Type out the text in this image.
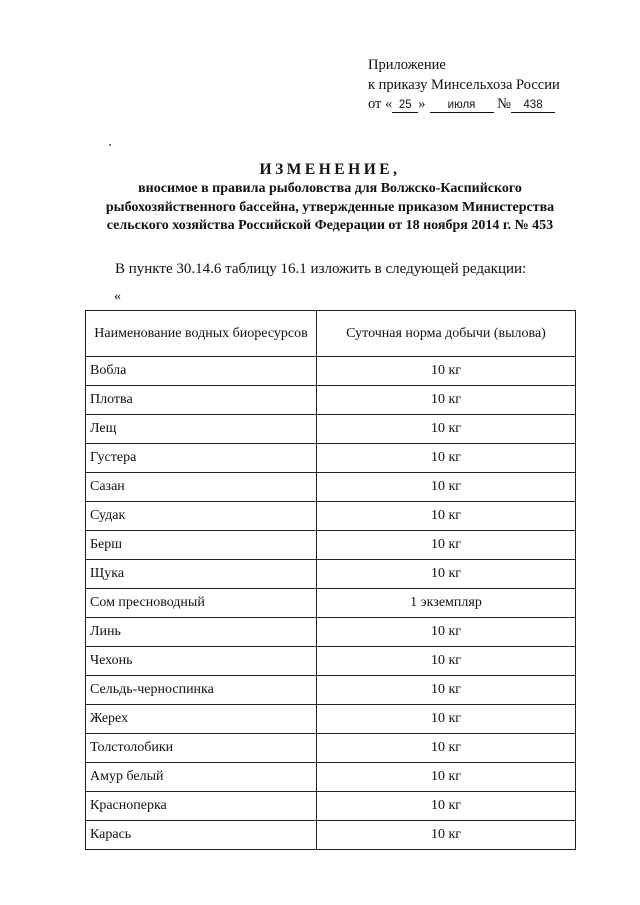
Приложение
к приказу Минсельхоза России
от « 25 » июля № 438
ИЗМЕНЕНИЕ,
вносимое в правила рыболовства для Волжско-Каспийского
рыбохозяйственного бассейна, утвержденные приказом Министерства
сельского хозяйства Российской Федерации от 18 ноября 2014 г. № 453
В пункте 30.14.6 таблицу 16.1 изложить в следующей редакции:
«
Наименование водных биоресурсов	Суточная норма добычи (вылова)
Вобла	10 кг
Плотва	10 кг
Лещ	10 кг
Густера	10 кг
Сазан	10 кг
Судак	10 кг
Берш	10 кг
Щука	10 кг
Сом пресноводный	1 экземпляр
Линь	10 кг
Чехонь	10 кг
Сельдь-черноспинка	10 кг
Жерех	10 кг
Толстолобики	10 кг
Амур белый	10 кг
Красноперка	10 кг
Карась	10 кг
